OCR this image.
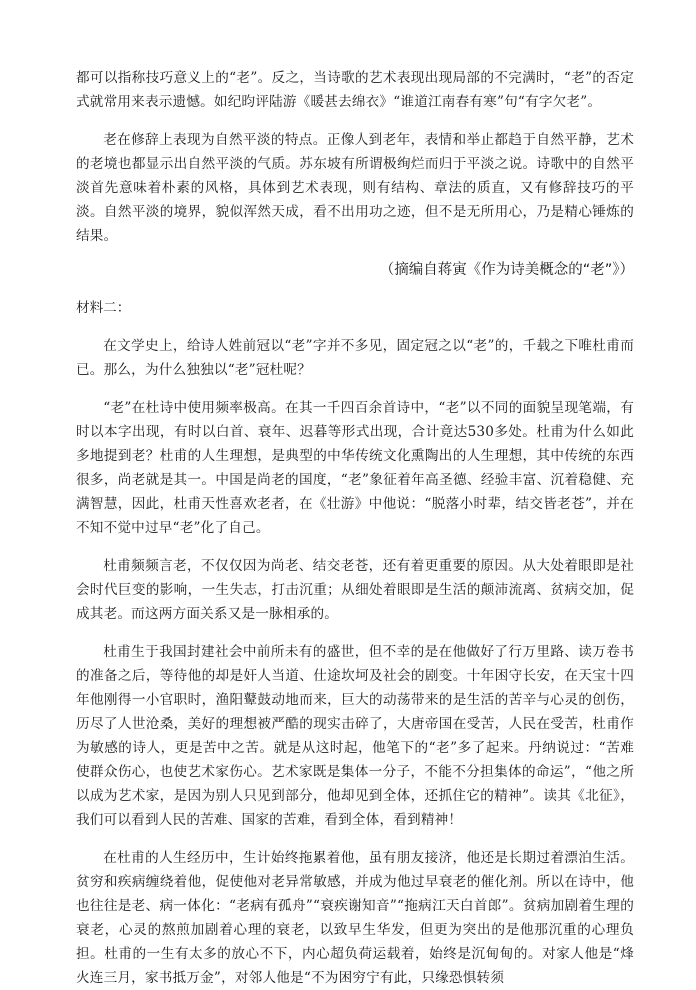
都可以指称技巧意义上的“老”。反之，当诗歌的艺术表现出现局部的不完满时，“老”的否定式就常用来表示遗憾。如纪昀评陆游《暖甚去绵衣》“谁道江南春有寒”句“有字欠老”。

老在修辞上表现为自然平淡的特点。正像人到老年，表情和举止都趋于自然平静，艺术的老境也都显示出自然平淡的气质。苏东坡有所谓极绚烂而归于平淡之说。诗歌中的自然平淡首先意味着朴素的风格，具体到艺术表现，则有结构、章法的质直，又有修辞技巧的平淡。自然平淡的境界，貌似浑然天成，看不出用功之迹，但不是无所用心，乃是精心锤炼的结果。

（摘编自蒋寅《作为诗美概念的“老”》）

材料二：

在文学史上，给诗人姓前冠以“老”字并不多见，固定冠之以“老”的，千载之下唯杜甫而已。那么，为什么独独以“老”冠杜呢？

“老”在杜诗中使用频率极高。在其一千四百余首诗中，“老”以不同的面貌呈现笔端，有时以本字出现，有时以白首、衰年、迟暮等形式出现，合计竟达530多处。杜甫为什么如此多地提到老？杜甫的人生理想，是典型的中华传统文化熏陶出的人生理想，其中传统的东西很多，尚老就是其一。中国是尚老的国度，“老”象征着年高圣德、经验丰富、沉着稳健、充满智慧，因此，杜甫天性喜欢老者，在《壮游》中他说：“脱落小时辈，结交皆老苍”，并在不知不觉中过早“老”化了自己。

杜甫频频言老，不仅仅因为尚老、结交老苍，还有着更重要的原因。从大处着眼即是社会时代巨变的影响，一生失志，打击沉重；从细处着眼即是生活的颠沛流离、贫病交加，促成其老。而这两方面关系又是一脉相承的。

杜甫生于我国封建社会中前所未有的盛世，但不幸的是在他做好了行万里路、读万卷书的准备之后，等待他的却是奸人当道、仕途坎坷及社会的剧变。十年困守长安，在天宝十四年他刚得一小官职时，渔阳鼙鼓动地而来，巨大的动荡带来的是生活的苦辛与心灵的创伤，历尽了人世沧桑，美好的理想被严酷的现实击碎了，大唐帝国在受苦，人民在受苦，杜甫作为敏感的诗人，更是苦中之苦。就是从这时起，他笔下的“老”多了起来。丹纳说过：“苦难使群众伤心，也使艺术家伤心。艺术家既是集体一分子，不能不分担集体的命运”，“他之所以成为艺术家，是因为别人只见到部分，他却见到全体，还抓住它的精神”。读其《北征》，我们可以看到人民的苦难、国家的苦难，看到全体，看到精神！

在杜甫的人生经历中，生计始终拖累着他，虽有朋友接济，他还是长期过着漂泊生活。贫穷和疾病缠绕着他，促使他对老异常敏感，并成为他过早衰老的催化剂。所以在诗中，他也往往是老、病一体化：“老病有孤舟”“衰疾谢知音”“拖病江天白首郎”。贫病加剧着生理的衰老，心灵的熬煎加剧着心理的衰老，以致早生华发，但更为突出的是他那沉重的心理负担。杜甫的一生有太多的放心不下，内心超负荷运载着，始终是沉甸甸的。对家人他是“烽火连三月，家书抵万金”，对邻人他是“不为困穷宁有此，只缘恐惧转须
